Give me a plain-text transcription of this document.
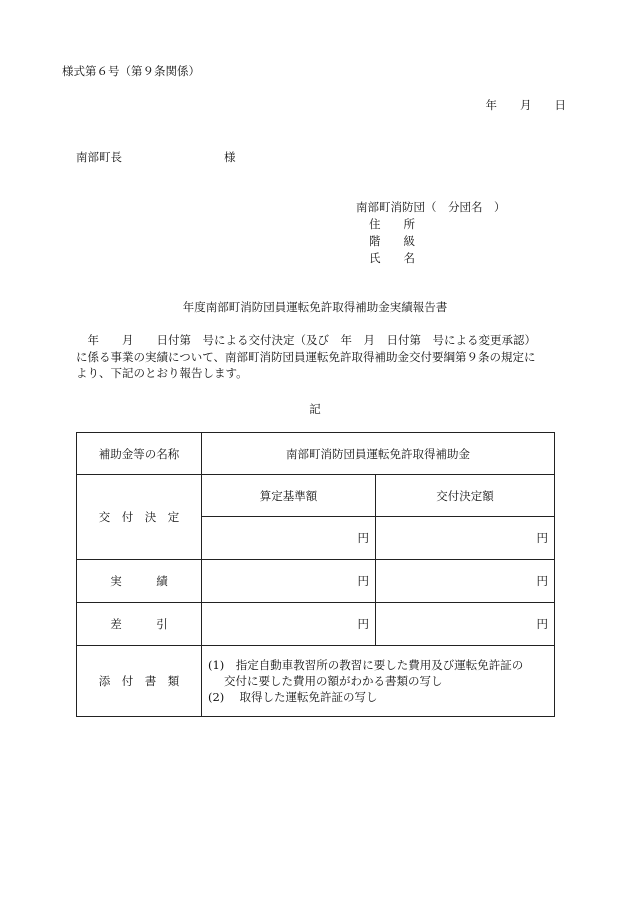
様式第６号（第９条関係）
年　　月　　日
南部町長	様
南部町消防団（　分団名　）
住　　所
階　　級
氏　　名
年度南部町消防団員運転免許取得補助金実績報告書

　年　　月　　日付第　号による交付決定（及び　年　月　日付第　号による変更承認）

に係る事業の実績について、南部町消防団員運転免許取得補助金交付要綱第９条の規定に

より、下記のとおり報告します。

記
補助金等の名称	南部町消防団員運転免許取得補助金	
交　付　決　定	算定基準額	交付決定額
	円	円
実　　　績	円	円
差　　　引	円	円
添　付　書　類	(1)　指定自動車教習所の教習に要した費用及び運転免許証の
交付に要した費用の額がわかる書類の写し
(2)　 取得した運転免許証の写し	
